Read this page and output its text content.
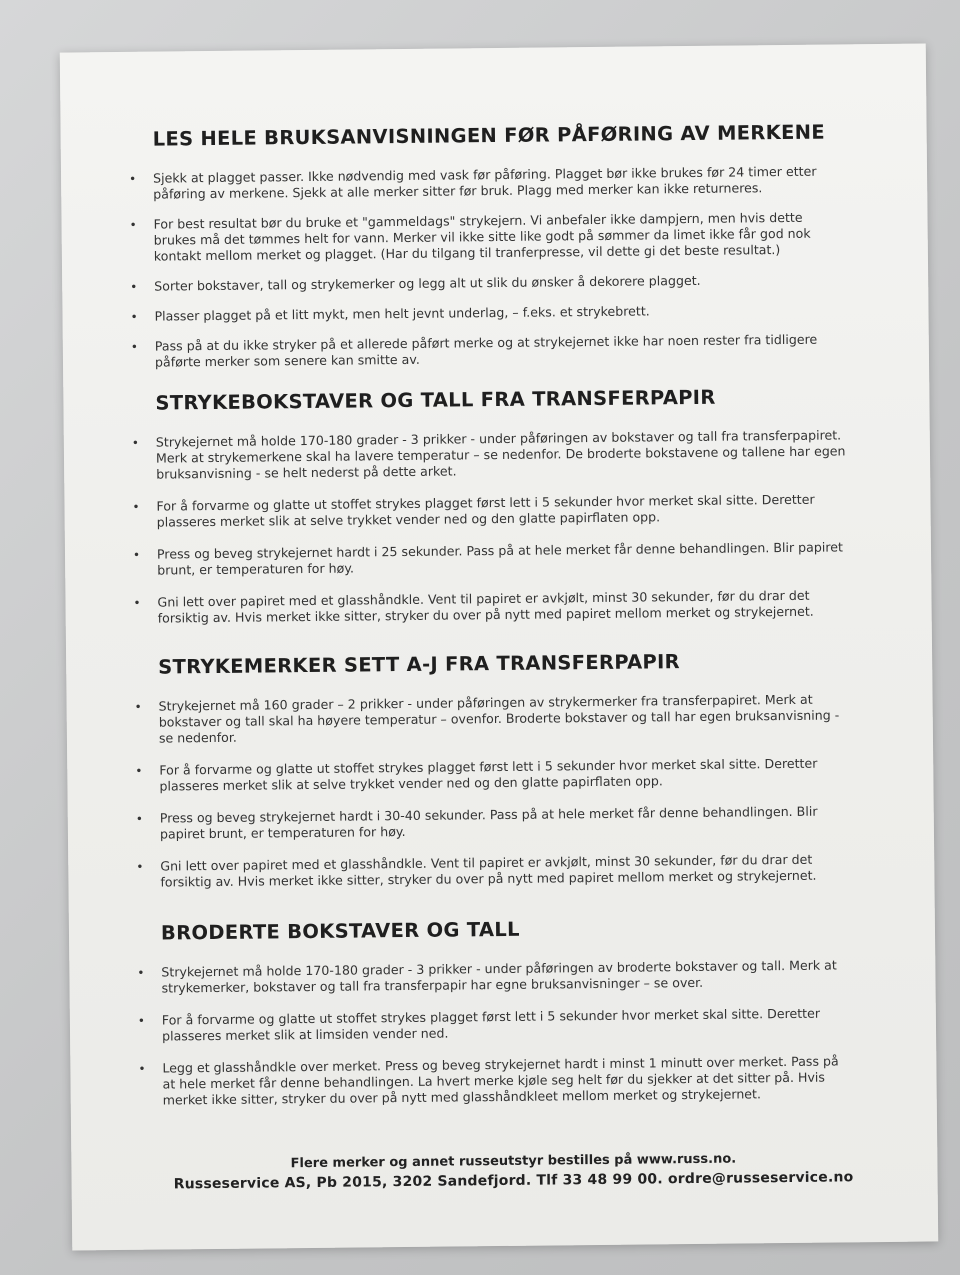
LES HELE BRUKSANVISNINGEN FØR PÅFØRING AV MERKENE
• Sjekk at plagget passer. Ikke nødvendig med vask før påføring. Plagget bør ikke brukes før 24 timer etter påføring av merkene. Sjekk at alle merker sitter før bruk. Plagg med merker kan ikke returneres.
• For best resultat bør du bruke et "gammeldags" strykejern. Vi anbefaler ikke dampjern, men hvis dette brukes må det tømmes helt for vann. Merker vil ikke sitte like godt på sømmer da limet ikke får god nok kontakt mellom merket og plagget. (Har du tilgang til tranferpresse, vil dette gi det beste resultat.)
• Sorter bokstaver, tall og strykemerker og legg alt ut slik du ønsker å dekorere plagget.
• Plasser plagget på et litt mykt, men helt jevnt underlag, – f.eks. et strykebrett.
• Pass på at du ikke stryker på et allerede påført merke og at strykejernet ikke har noen rester fra tidligere påførte merker som senere kan smitte av.
STRYKEBOKSTAVER OG TALL FRA TRANSFERPAPIR
• Strykejernet må holde 170-180 grader - 3 prikker - under påføringen av bokstaver og tall fra transferpapiret. Merk at strykemerkene skal ha lavere temperatur – se nedenfor. De broderte bokstavene og tallene har egen bruksanvisning - se helt nederst på dette arket.
• For å forvarme og glatte ut stoffet strykes plagget først lett i 5 sekunder hvor merket skal sitte. Deretter plasseres merket slik at selve trykket vender ned og den glatte papirflaten opp.
• Press og beveg strykejernet hardt i 25 sekunder. Pass på at hele merket får denne behandlingen. Blir papiret brunt, er temperaturen for høy.
• Gni lett over papiret med et glasshåndkle. Vent til papiret er avkjølt, minst 30 sekunder, før du drar det forsiktig av. Hvis merket ikke sitter, stryker du over på nytt med papiret mellom merket og strykejernet.
STRYKEMERKER SETT A-J FRA TRANSFERPAPIR
• Strykejernet må 160 grader – 2 prikker - under påføringen av strykermerker fra transferpapiret. Merk at bokstaver og tall skal ha høyere temperatur – ovenfor. Broderte bokstaver og tall har egen bruksanvisning - se nedenfor.
• For å forvarme og glatte ut stoffet strykes plagget først lett i 5 sekunder hvor merket skal sitte. Deretter plasseres merket slik at selve trykket vender ned og den glatte papirflaten opp.
• Press og beveg strykejernet hardt i 30-40 sekunder. Pass på at hele merket får denne behandlingen. Blir papiret brunt, er temperaturen for høy.
• Gni lett over papiret med et glasshåndkle. Vent til papiret er avkjølt, minst 30 sekunder, før du drar det forsiktig av. Hvis merket ikke sitter, stryker du over på nytt med papiret mellom merket og strykejernet.
BRODERTE BOKSTAVER OG TALL
• Strykejernet må holde 170-180 grader - 3 prikker - under påføringen av broderte bokstaver og tall. Merk at strykemerker, bokstaver og tall fra transferpapir har egne bruksanvisninger – se over.
• For å forvarme og glatte ut stoffet strykes plagget først lett i 5 sekunder hvor merket skal sitte. Deretter plasseres merket slik at limsiden vender ned.
• Legg et glasshåndkle over merket. Press og beveg strykejernet hardt i minst 1 minutt over merket. Pass på at hele merket får denne behandlingen. La hvert merke kjøle seg helt før du sjekker at det sitter på. Hvis merket ikke sitter, stryker du over på nytt med glasshåndkleet mellom merket og strykejernet.
Flere merker og annet russeutstyr bestilles på www.russ.no.
Russeservice AS, Pb 2015, 3202 Sandefjord. Tlf 33 48 99 00. ordre@russeservice.no
